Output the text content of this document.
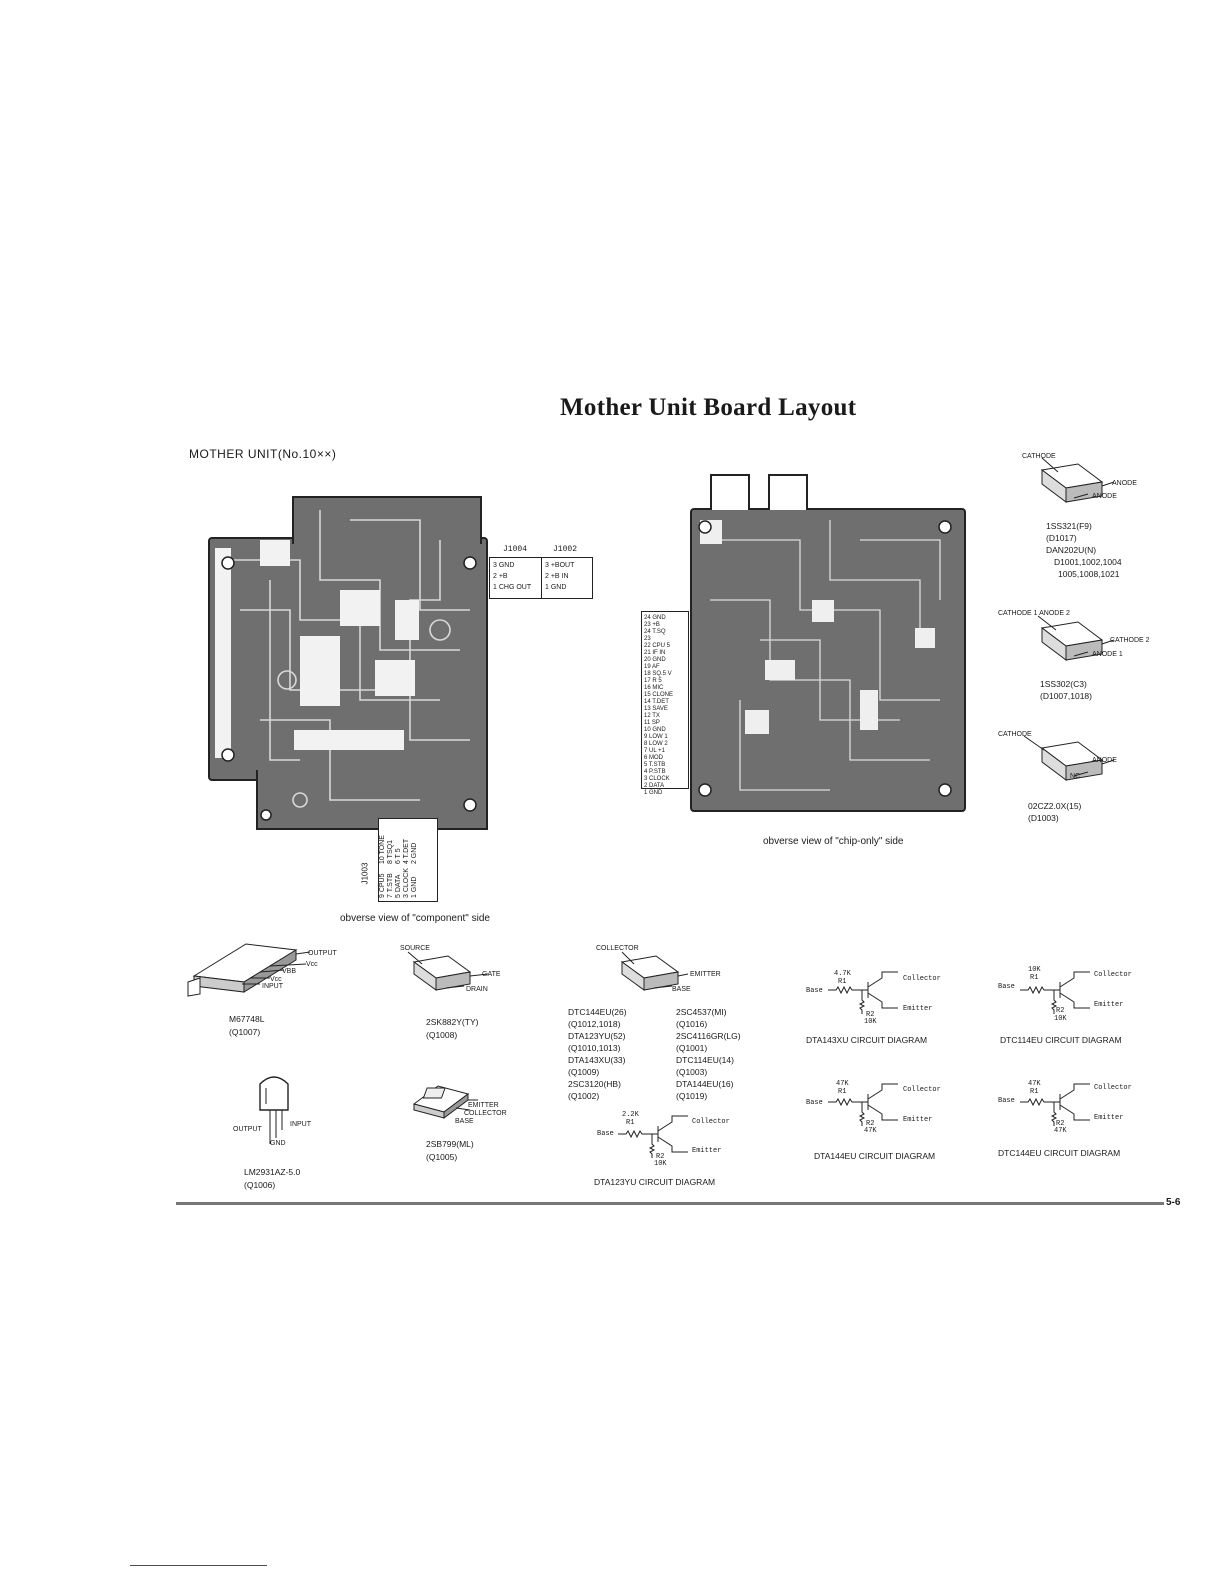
Mother Unit Board Layout
MOTHER UNIT(No.10××)
J1004
3 GND
2 +B
1 CHG OUT
J1002
3 +BOUT
2 +B IN
1 GND
9 CPU5 7 T.STB 5 DATA 3 CLOCK 1 GND
10 TONE 8 TSQ1 6 T 5 4 T.DET 2 GND
J1003
obverse view of "component" side
24 GND
23 +B
24 T.SQ
23
22 CPU 5
21 IF IN
20 GND
19 AF
18 SQ.5 V
17 R 5
16 MIC
15 CLONE
14 T.DET
13 SAVE
12 TX
11 SP
10 GND
9 LOW 1
8 LOW 2
7 UL +1
6 MOD
5 T.STB
4 P.STB
3 CLOCK
2 DATA
1 GND
obverse view of "chip-only" side
CATHODE
ANODE
ANODE
1SS321(F9)
(D1017)
DAN202U(N)
D1001,1002,1004
1005,1008,1021
CATHODE 1 ANODE 2
CATHODE 2
ANODE 1
1SS302(C3)
(D1007,1018)
CATHODE
ANODE
NC
02CZ2.0X(15)
(D1003)
OUTPUT
Vcc
VBB
Vcc
INPUT
M67748L
(Q1007)
SOURCE
GATE
DRAIN
2SK882Y(TY)
(Q1008)
OUTPUT
INPUT
GND
LM2931AZ-5.0
(Q1006)
EMITTER
COLLECTOR
BASE
2SB799(ML)
(Q1005)
COLLECTOR
EMITTER
BASE
DTC144EU(26)
(Q1012,1018)
DTA123YU(52)
(Q1010,1013)
DTA143XU(33)
(Q1009)
2SC3120(HB)
(Q1002)
2SC4537(MI)
(Q1016)
2SC4116GR(LG)
(Q1001)
DTC114EU(14)
(Q1003)
DTA144EU(16)
(Q1019)
4.7K
R1
Base
Collector
Emitter
R2
10K
DTA143XU CIRCUIT DIAGRAM
10K
R1
Base
Collector
Emitter
R2
10K
DTC114EU CIRCUIT DIAGRAM
47K
R1
Base
Collector
Emitter
R2
47K
DTA144EU CIRCUIT DIAGRAM
47K
R1
Base
Collector
Emitter
R2
47K
DTC144EU CIRCUIT DIAGRAM
2.2K
R1
Base
Collector
Emitter
R2
10K
DTA123YU CIRCUIT DIAGRAM
5-6
